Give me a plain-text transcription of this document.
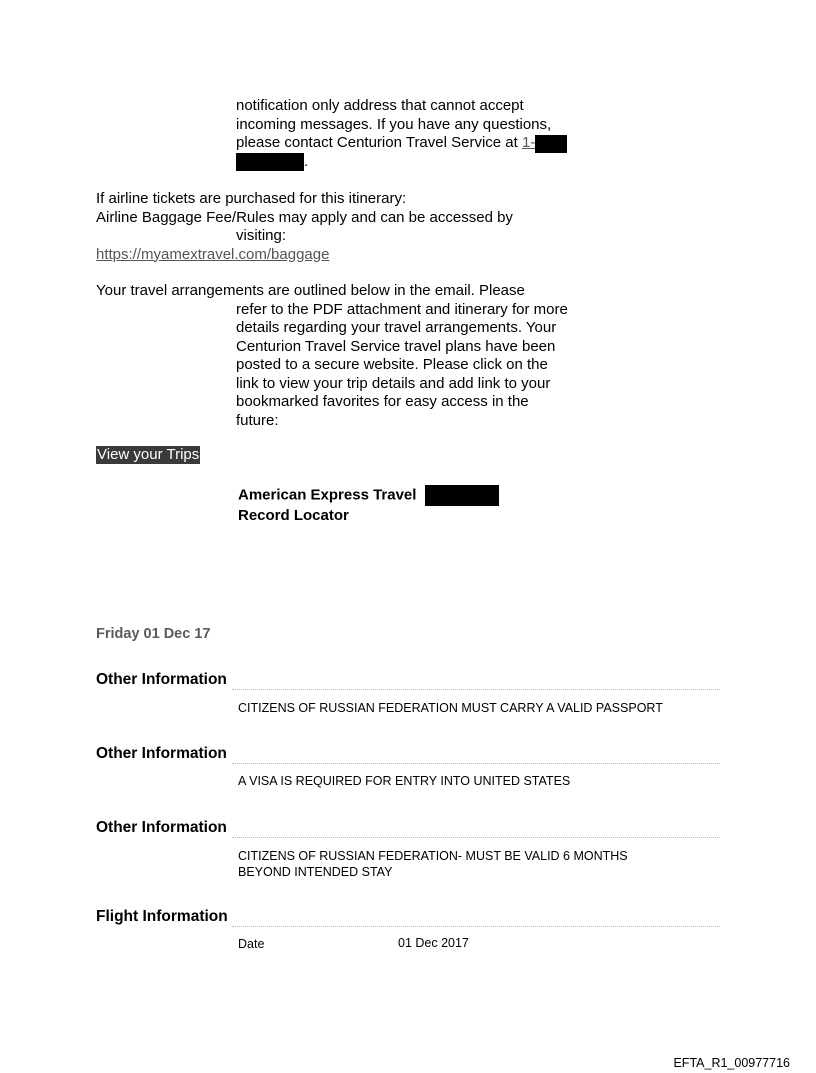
notification only address that cannot accept

incoming messages. If you have any questions,

please contact Centurion Travel Service at 1-

.

If airline tickets are purchased for this itinerary:

Airline Baggage Fee/Rules may apply and can be accessed by

visiting:

https://myamextravel.com/baggage

Your travel arrangements are outlined below in the email. Please

refer to the PDF attachment and itinerary for more

details regarding your travel arrangements. Your

Centurion Travel Service travel plans have been

posted to a secure website. Please click on the

link to view your trip details and add link to your

bookmarked favorites for easy access in the

future:

View your Trips

American Express Travel

Record Locator

Friday 01 Dec 17
Other Information

CITIZENS OF RUSSIAN FEDERATION MUST CARRY A VALID PASSPORT

Other Information

A VISA IS REQUIRED FOR ENTRY INTO UNITED STATES

Other Information

CITIZENS OF RUSSIAN FEDERATION- MUST BE VALID 6 MONTHS

BEYOND INTENDED STAY

Flight Information
Date	01 Dec 2017
EFTA_R1_00977716
